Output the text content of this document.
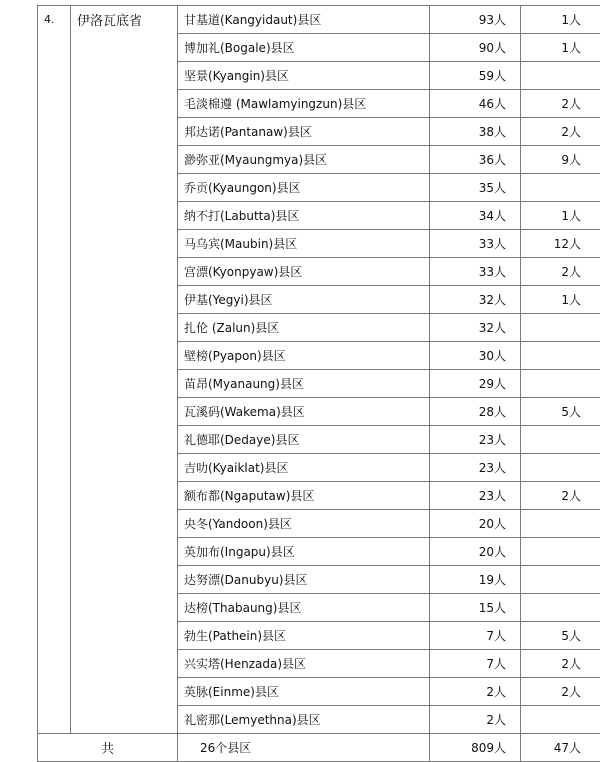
4.	伊洛瓦底省	甘基道(Kangyidaut)县区	93人	1人
		博加礼(Bogale)县区	90人	1人
		坚景(Kyangin)县区	59人	
		毛淡棉遵 (Mawlamyingzun)县区	46人	2人
		邦达诺(Pantanaw)县区	38人	2人
		渺弥亚(Myaungmya)县区	36人	9人
		乔贡(Kyaungon)县区	35人	
		纳不打(Labutta)县区	34人	1人
		马乌宾(Maubin)县区	33人	12人
		宫漂(Kyonpyaw)县区	33人	2人
		伊基(Yegyi)县区	32人	1人
		扎伦 (Zalun)县区	32人	
		壁榜(Pyapon)县区	30人	
		苗昂(Myanaung)县区	29人	
		瓦溪码(Wakema)县区	28人	5人
		礼德耶(Dedaye)县区	23人	
		吉叻(Kyaiklat)县区	23人	
		额布都(Ngaputaw)县区	23人	2人
		央冬(Yandoon)县区	20人	
		英加布(Ingapu)县区	20人	
		达努漂(Danubyu)县区	19人	
		达榜(Thabaung)县区	15人	
		勃生(Pathein)县区	7人	5人
		兴实塔(Henzada)县区	7人	2人
		英脉(Einme)县区	2人	2人
		礼密那(Lemyethna)县区	2人	
共		26个县区	809人	47人
